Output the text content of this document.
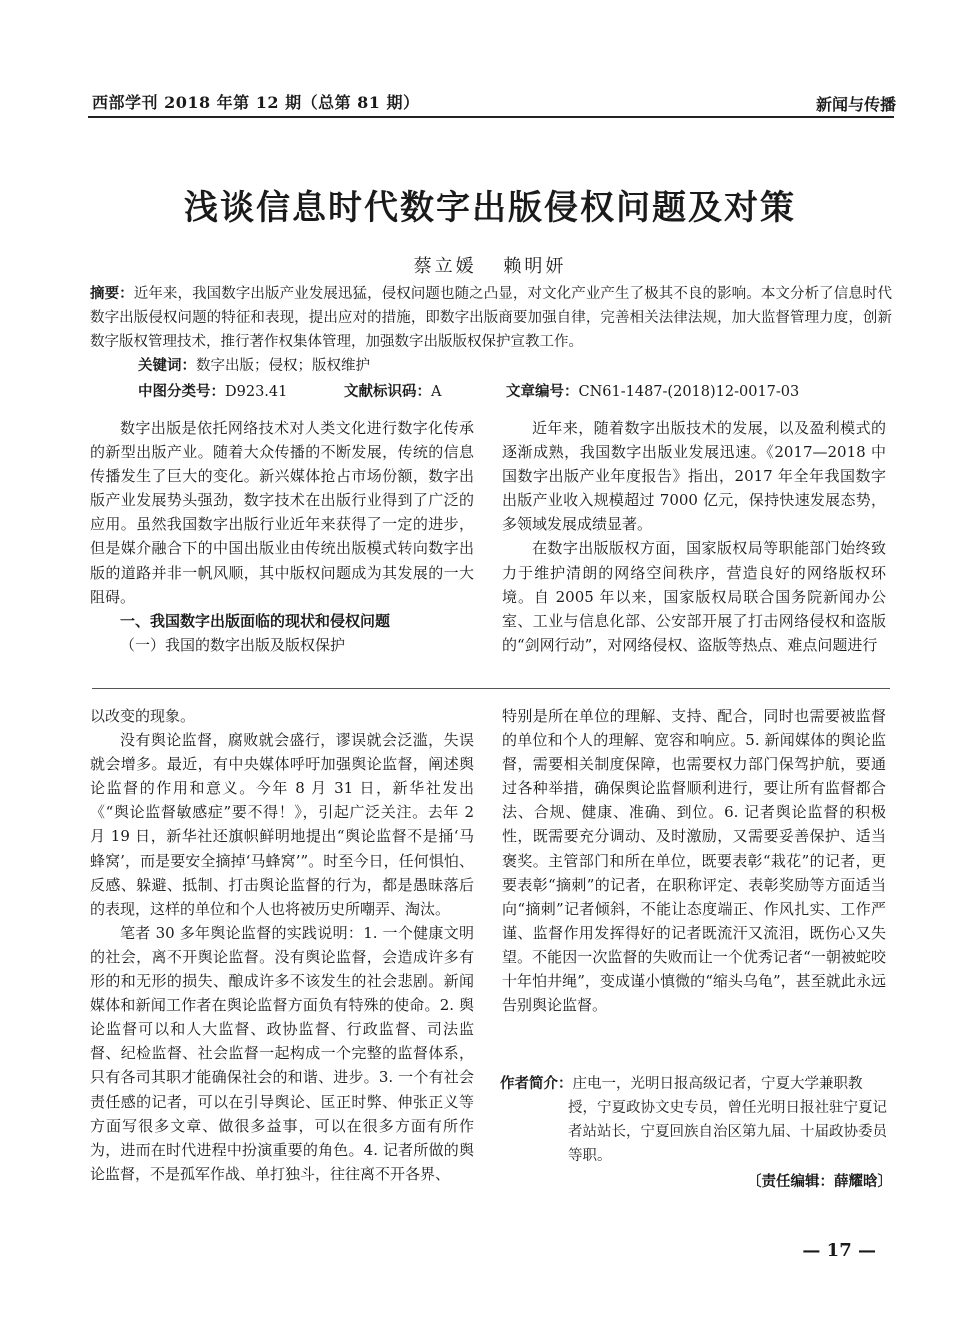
西部学刊 2018 年第 12 期（总第 81 期）	新闻与传播
浅谈信息时代数字出版侵权问题及对策
蔡立媛 赖明妍
摘要：近年来，我国数字出版产业发展迅猛，侵权问题也随之凸显，对文化产业产生了极其不良的影响。本文分析了信息时代数字出版侵权问题的特征和表现，提出应对的措施，即数字出版商要加强自律，完善相关法律法规，加大监督管理力度，创新数字版权管理技术，推行著作权集体管理，加强数字出版版权保护宣教工作。
关键词：数字出版；侵权；版权维护
中图分类号：D923.41	文献标识码：A	文章编号：CN61-1487-(2018)12-0017-03

数字出版是依托网络技术对人类文化进行数字化传承的新型出版产业。随着大众传播的不断发展，传统的信息传播发生了巨大的变化。新兴媒体抢占市场份额，数字出版产业发展势头强劲，数字技术在出版行业得到了广泛的应用。虽然我国数字出版行业近年来获得了一定的进步，但是媒介融合下的中国出版业由传统出版模式转向数字出版的道路并非一帆风顺，其中版权问题成为其发展的一大阻碍。

一、我国数字出版面临的现状和侵权问题
（一）我国的数字出版及版权保护

近年来，随着数字出版技术的发展，以及盈利模式的逐渐成熟，我国数字出版业发展迅速。《2017—2018 中国数字出版产业年度报告》指出，2017 年全年我国数字出版产业收入规模超过 7000 亿元，保持快速发展态势，多领域发展成绩显著。

在数字出版版权方面，国家版权局等职能部门始终致力于维护清朗的网络空间秩序，营造良好的网络版权环境。自 2005 年以来，国家版权局联合国务院新闻办公室、工业与信息化部、公安部开展了打击网络侵权和盗版的“剑网行动”，对网络侵权、盗版等热点、难点问题进行

以改变的现象。

没有舆论监督，腐败就会盛行，谬误就会泛滥，失误就会增多。最近，有中央媒体呼吁加强舆论监督，阐述舆论监督的作用和意义。今年 8 月 31 日，新华社发出《“舆论监督敏感症”要不得！》，引起广泛关注。去年 2 月 19 日，新华社还旗帜鲜明地提出“舆论监督不是捅‘马蜂窝’，而是要安全摘掉‘马蜂窝’”。时至今日，任何惧怕、反感、躲避、抵制、打击舆论监督的行为，都是愚昧落后的表现，这样的单位和个人也将被历史所嘲弄、淘汰。

笔者 30 多年舆论监督的实践说明：1. 一个健康文明的社会，离不开舆论监督。没有舆论监督，会造成许多有形的和无形的损失、酿成许多不该发生的社会悲剧。新闻媒体和新闻工作者在舆论监督方面负有特殊的使命。2. 舆论监督可以和人大监督、政协监督、行政监督、司法监督、纪检监督、社会监督一起构成一个完整的监督体系，只有各司其职才能确保社会的和谐、进步。3. 一个有社会责任感的记者，可以在引导舆论、匡正时弊、伸张正义等方面写很多文章、做很多益事，可以在很多方面有所作为，进而在时代进程中扮演重要的角色。4. 记者所做的舆论监督，不是孤军作战、单打独斗，往往离不开各界、

特别是所在单位的理解、支持、配合，同时也需要被监督的单位和个人的理解、宽容和响应。5. 新闻媒体的舆论监督，需要相关制度保障，也需要权力部门保驾护航，要通过各种举措，确保舆论监督顺利进行，要让所有监督都合法、合规、健康、准确、到位。6. 记者舆论监督的积极性，既需要充分调动、及时激励，又需要妥善保护、适当褒奖。主管部门和所在单位，既要表彰“栽花”的记者，更要表彰“摘刺”的记者，在职称评定、表彰奖励等方面适当向“摘刺”记者倾斜，不能让态度端正、作风扎实、工作严谨、监督作用发挥得好的记者既流汗又流泪，既伤心又失望。不能因一次监督的失败而让一个优秀记者“一朝被蛇咬十年怕井绳”，变成谨小慎微的“缩头乌龟”，甚至就此永远告别舆论监督。

作者简介：庄电一，光明日报高级记者，宁夏大学兼职教
授，宁夏政协文史专员，曾任光明日报社驻宁夏记者站站长，宁夏回族自治区第九届、十届政协委员等职。
〔责任编辑：薛耀晗〕
— 17 —
